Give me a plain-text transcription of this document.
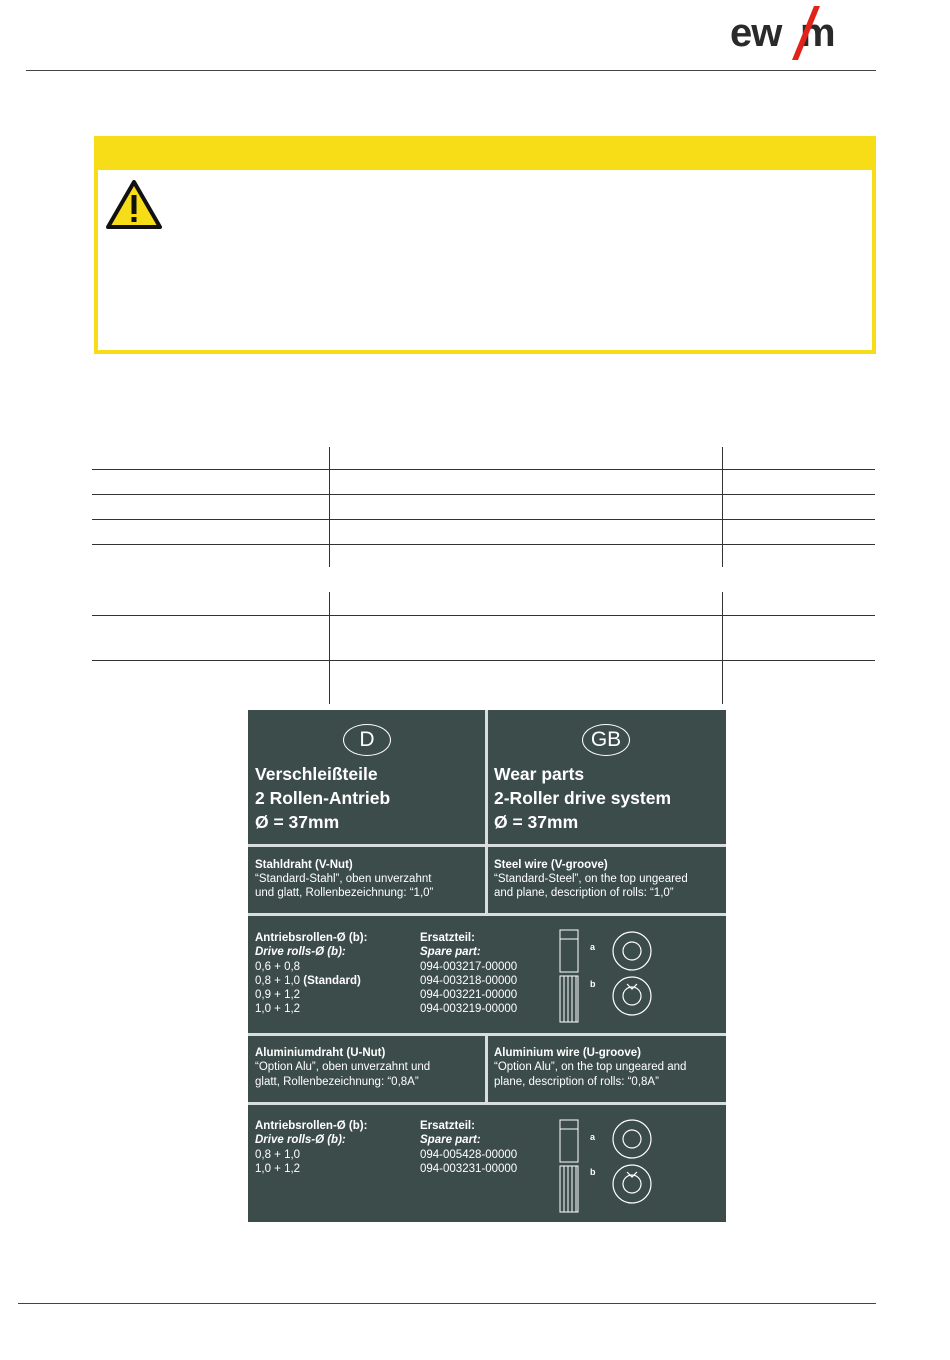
ew m
D
Verschleißteile
2 Rollen-Antrieb
Ø = 37mm
GB
Wear parts
2-Roller drive system
Ø = 37mm
Stahldraht (V-Nut)
“Standard-Stahl”, oben unverzahnt
und glatt, Rollenbezeichnung: “1,0”
Steel wire (V-groove)
“Standard-Steel”, on the top ungeared
and plane, description of rolls: “1,0”
Antriebsrollen-Ø (b):
Drive rolls-Ø (b):
0,6 + 0,8
0,8 + 1,0 (Standard)
0,9 + 1,2
1,0 + 1,2
Ersatzteil:
Spare part:
094-003217-00000
094-003218-00000
094-003221-00000
094-003219-00000
a
b
Aluminiumdraht (U-Nut)
“Option Alu”, oben unverzahnt und
glatt, Rollenbezeichnung: “0,8A”
Aluminium wire (U-groove)
“Option Alu”, on the top ungeared and
plane, description of rolls: “0,8A”
Antriebsrollen-Ø (b):
Drive rolls-Ø (b):
0,8 + 1,0
1,0 + 1,2
Ersatzteil:
Spare part:
094-005428-00000
094-003231-00000
a
b
